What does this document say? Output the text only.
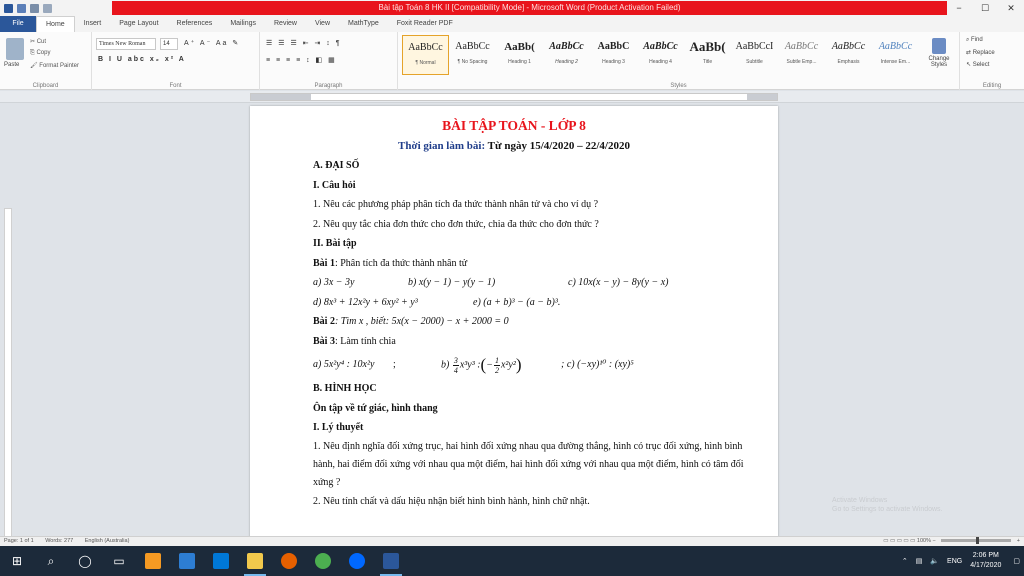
Bài tập Toán 8 HK II [Compatibility Mode] - Microsoft Word (Product Activation Failed)	−	☐	✕
File	Home	Insert	Page Layout	References	Mailings	Review	View	MathType	Foxit Reader PDF
Paste
✂ Cut
⎘ Copy
🖌 Format Painter
Clipboard
Times New Roman	14	A⁺ A⁻ Aa ✎
B I U abc x₂ x² A
Font
☰ ☰ ☰ ⇤ ⇥ ↕ ¶
≡ ≡ ≡ ≡ ↕ ◧ ▦
Paragraph
AaBbCc
¶ Normal
AaBbCc
¶ No Spacing
AaBb(
Heading 1
AaBbCc
Heading 2
AaBbC
Heading 3
AaBbCc
Heading 4
AaBb(
Title
AaBbCcI
Subtitle
AaBbCc
Subtle Emp...
AaBbCc
Emphasis
AaBbCc
Intense Em...	Change Styles
Styles
⌕ Find
⇄ Replace
↖ Select
Editing
BÀI TẬP TOÁN - LỚP 8
Thời gian làm bài: Từ ngày 15/4/2020 – 22/4/2020
A. ĐẠI SỐ
I. Câu hỏi
1. Nêu các phương pháp phân tích đa thức thành nhân tử và cho ví dụ ?
2. Nêu quy tắc chia đơn thức cho đơn thức, chia đa thức cho đơn thức ?
II. Bài tập
Bài 1: Phân tích đa thức thành nhân tử
a) 3x − 3y	b) x(y − 1) − y(y − 1)	c) 10x(x − y) − 8y(y − x)
d) 8x³ + 12x²y + 6xy² + y³	e) (a + b)³ − (a − b)³.
Bài 2: Tìm x , biết: 5x(x − 2000) − x + 2000 = 0
Bài 3: Làm tính chia
a) 5x²y⁴ : 10x²y ;	$b) \frac{3}{4} x^3y^3$ :(− $\frac{1}{2} x^2y^2$)	; c) (−xy)¹⁰ : (xy)⁵
B. HÌNH HỌC
Ôn tập về tứ giác, hình thang
I. Lý thuyết
1. Nêu định nghĩa đối xứng trục, hai hình đối xứng nhau qua đường thẳng, hình có trục đối xứng, hình bình hành, hai điểm đối xứng với nhau qua một điểm, hai hình đối xứng với nhau qua một điểm, hình có tâm đối xứng ?
2. Nêu tính chất và dấu hiệu nhận biết hình bình hành, hình chữ nhật.	Activate Windows
Go to Settings to activate Windows.
Page: 1 of 1 Words: 277 English (Australia)	▭ ▭ ▭ ▭ ▭ 100% −	+
⊞ ⌕ ◯ ▭	⌃ ▤ 🔈 ENG
2:06 PM
4/17/2020
▢
